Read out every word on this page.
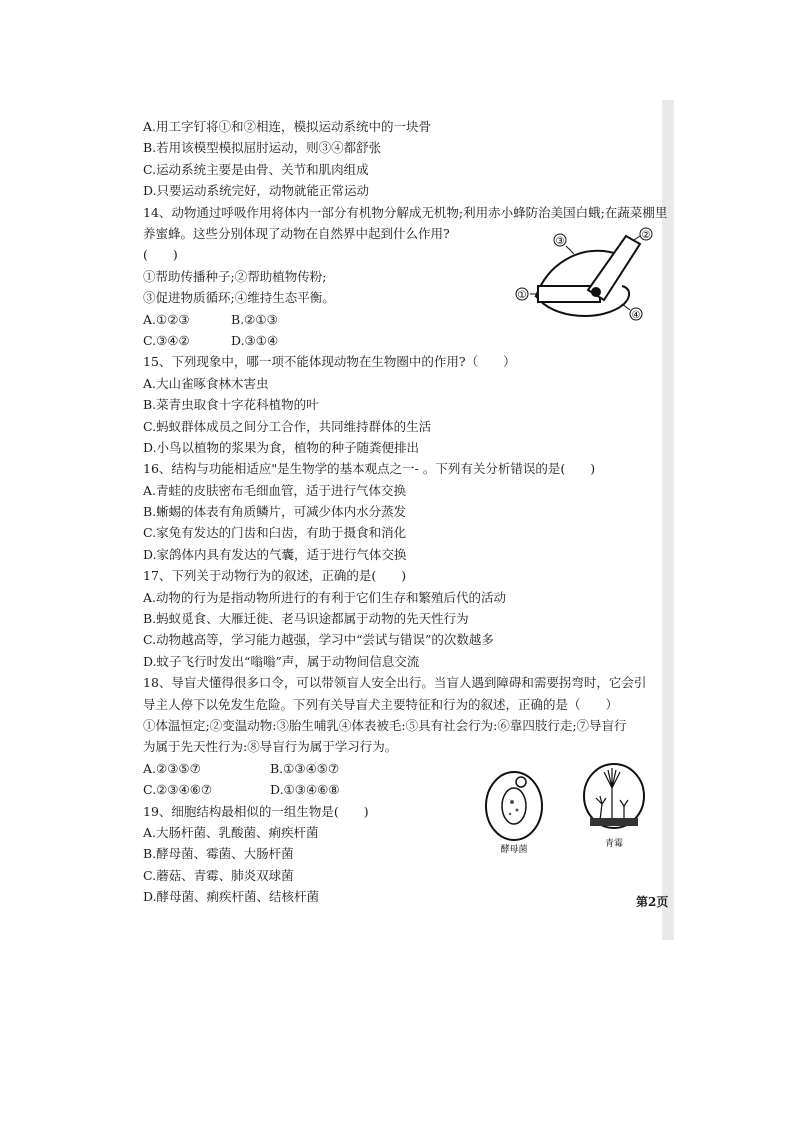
A.用工字钉将①和②相连，模拟运动系统中的一块骨
B.若用该模型模拟屈肘运动，则③④都舒张
C.运动系统主要是由骨、关节和肌肉组成
D.只要运动系统完好，动物就能正常运动
14、动物通过呼吸作用将体内一部分有机物分解成无机物;利用赤小蜂防治美国白蛾;在蔬菜棚里养蜜蜂。这些分别体现了动物在自然界中起到什么作用?
(　　)
①帮助传播种子;②帮助植物传粉;
③促进物质循环;④维持生态平衡。
A.①②③	B.②①③
C.③④②	D.③①④
15、下列现象中，哪一项不能体现动物在生物圈中的作用?（　　）
A.大山雀啄食林木害虫
B.菜青虫取食十字花科植物的叶
C.蚂蚁群体成员之间分工合作，共同维持群体的生活
D.小鸟以植物的浆果为食，植物的种子随粪便排出
16、结构与功能相适应"是生物学的基本观点之一- 。下列有关分析错误的是(　　)
A.青蛙的皮肤密布毛细血管，适于进行气体交换
B.蜥蜴的体表有角质鳞片，可减少体内水分蒸发
C.家兔有发达的门齿和臼齿，有助于摄食和消化
D.家鸽体内具有发达的气囊，适于进行气体交换
17、下列关于动物行为的叙述，正确的是(　　)
A.动物的行为是指动物所进行的有利于它们生存和繁殖后代的活动
B.蚂蚁觅食、大雁迁徙、老马识途都属于动物的先天性行为
C.动物越高等，学习能力越强，学习中“尝试与错误”的次数越多
D.蚊子飞行时发出“嗡嗡”声，属于动物间信息交流
18、导盲犬懂得很多口令，可以带领盲人安全出行。当盲人遇到障碍和需要拐弯时，它会引
导主人停下以免发生危险。下列有关导盲犬主要特征和行为的叙述，正确的是（　　）
①体温恒定;②变温动物:③胎生哺乳④体表被毛:⑤具有社会行为:⑥靠四肢行走;⑦导盲行
为属于先天性行为:⑧导盲行为属于学习行为。
A.②③⑤⑦	B.①③④⑤⑦
C.②③④⑥⑦	D.①③④⑥⑧
19、细胞结构最相似的一组生物是(　　)
A.大肠杆菌、乳酸菌、痢疾杆菌
B.酵母菌、霉菌、大肠杆菌
C.蘑菇、青霉、肺炎双球菌
D.酵母菌、痢疾杆菌、结核杆菌
①
②
③
④
酵母菌
青霉
第2页
